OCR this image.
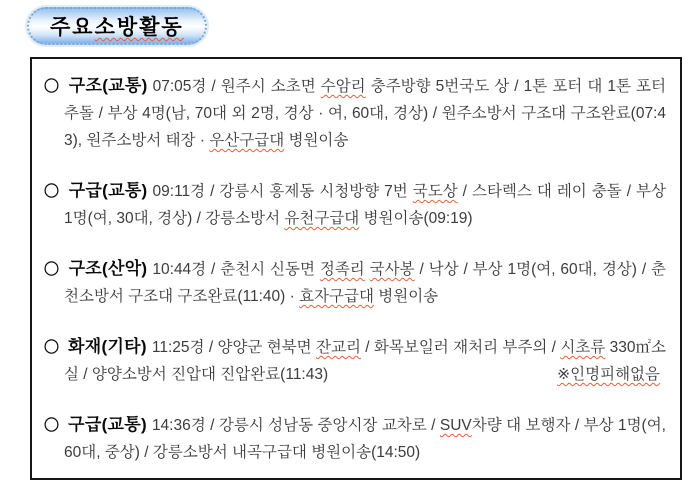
주요 소방활동
〇 구조(교통) 07:05경 / 원주시 소초면 수암리 충주방향 5번국도 상 / 1톤 포터 대 1톤 포터 추돌 / 부상 4명(남, 70대 외 2명, 경상 · 여, 60대, 경상) / 원주소방서 구조대 구조완료(07:43), 원주소방서 태장 · 우산구급대 병원이송
〇 구급(교통) 09:11경 / 강릉시 홍제동 시청방향 7번 국도상 / 스타렉스 대 레이 충돌 / 부상 1명(여, 30대, 경상) / 강릉소방서 유천구급대 병원이송(09:19)
〇 구조(산악) 10:44경 / 춘천시 신동면 정족리 국사봉 / 낙상 / 부상 1명(여, 60대, 경상) / 춘천소방서 구조대 구조완료(11:40) · 효자구급대 병원이송
〇 화재(기타) 11:25경 / 양양군 현북면 잔교리 / 화목보일러 재처리 부주의 / 시초류 330㎡소실 / 양양소방서 진압대 진압완료(11:43)	※인명피해없음
〇 구급(교통) 14:36경 / 강릉시 성남동 중앙시장 교차로 / SUV차량 대 보행자 / 부상 1명(여, 60대, 중상) / 강릉소방서 내곡구급대 병원이송(14:50)
